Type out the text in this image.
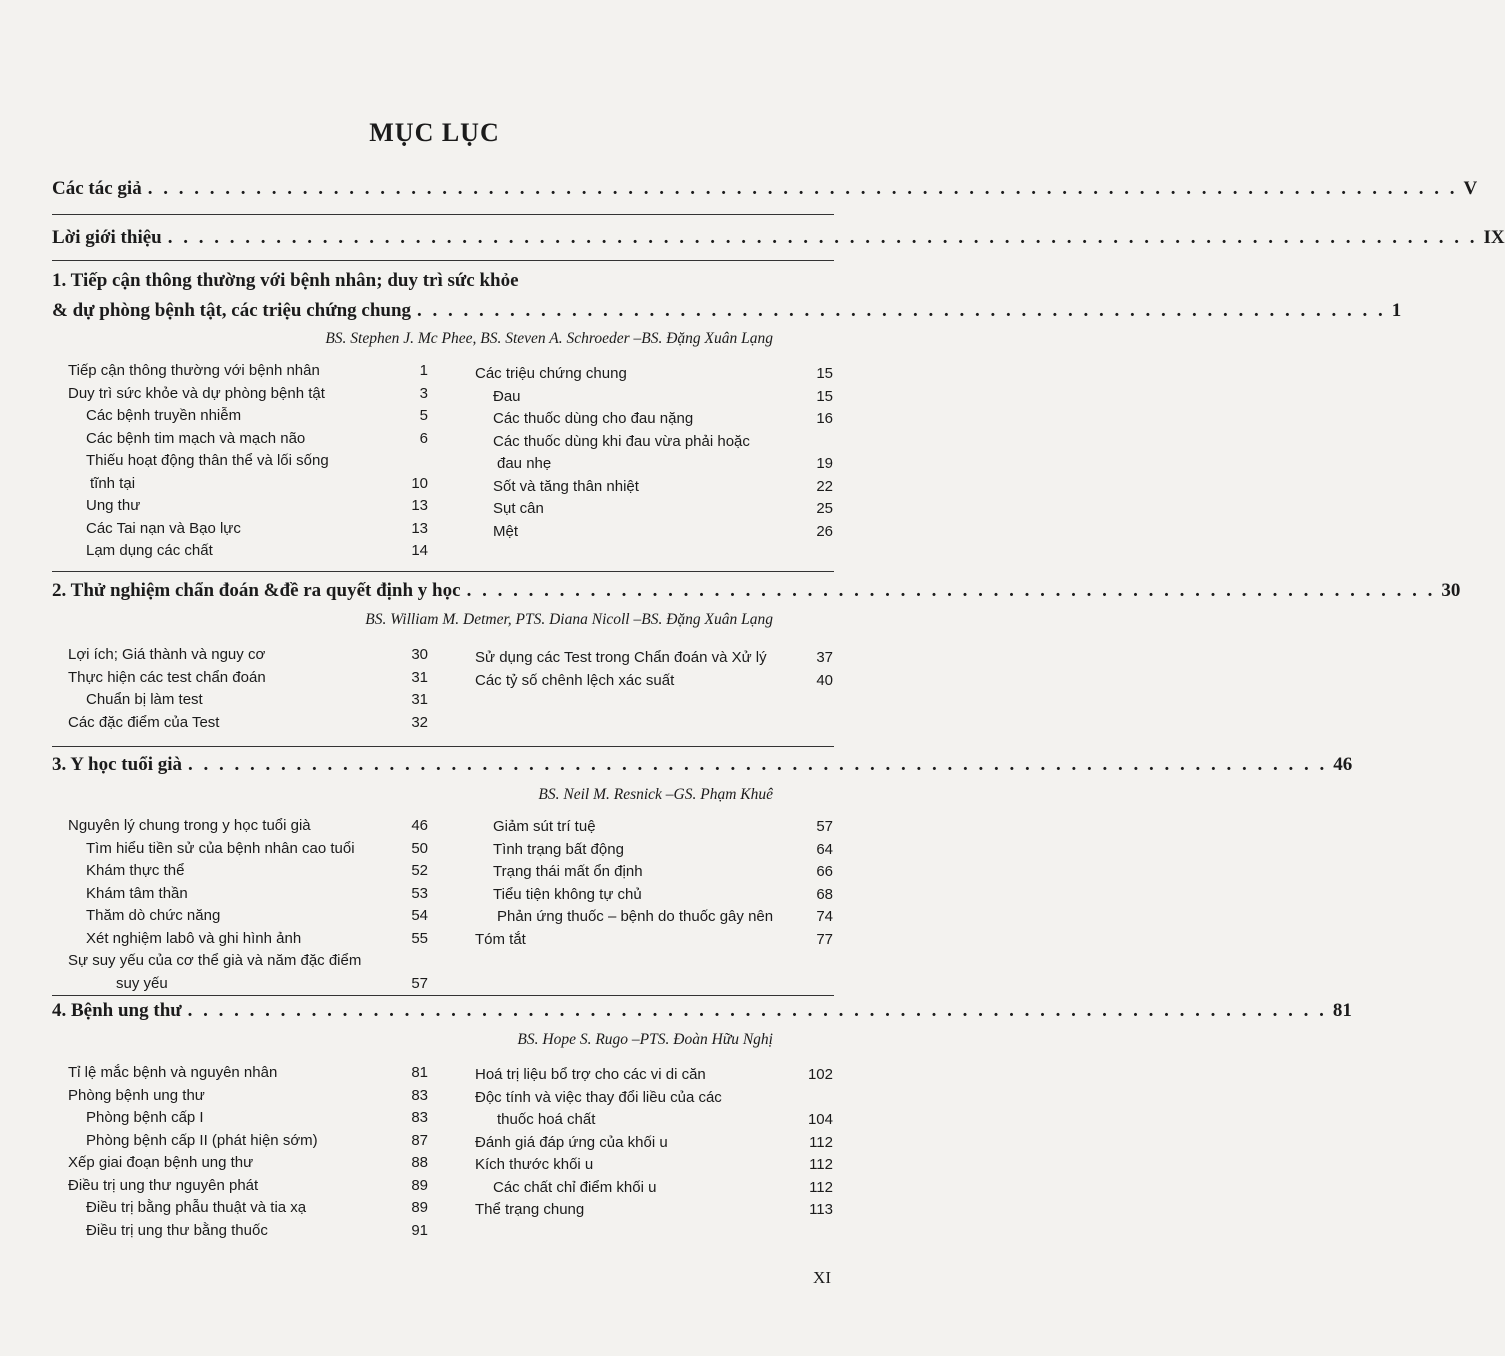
MỤC LỤC
Các tác giả . . . . . . . . . . . . . . . . . . . . . . . . . . . . . . . . . . . . . . . . . . . . . . . . . . . . . . . . . . . . . . . . . . . . . . . . . . . . . . . . . . . . . V
Lời giới thiệu . . . . . . . . . . . . . . . . . . . . . . . . . . . . . . . . . . . . . . . . . . . . . . . . . . . . . . . . . . . . . . . . . . . . . . . . . . . . . . . . . . . . . IX
1. Tiếp cận thông thường với bệnh nhân; duy trì sức khỏe
& dự phòng bệnh tật, các triệu chứng chung . . . . . . . . . . . . . . . . . . . . . . . . . . . . . . . . . . . . . . . . . . . . . . . . . . . . . . . . . . . . . . . 1
BS. Stephen J. Mc Phee, BS. Steven A. Schroeder –BS. Đặng Xuân Lạng
Tiếp cận thông thường với bệnh nhân	1
Duy trì sức khỏe và dự phòng bệnh tật	3
Các bệnh truyền nhiễm	5
Các bệnh tim mạch và mạch não	6
Thiếu hoạt động thân thể và lối sống
tĩnh tại	10
Ung thư	13
Các Tai nạn và Bạo lực	13
Lạm dụng các chất	14
Các triệu chứng chung	15
Đau	15
Các thuốc dùng cho đau nặng	16
Các thuốc dùng khi đau vừa phải hoặc
đau nhẹ	19
Sốt và tăng thân nhiệt	22
Sụt cân	25
Mệt	26
2. Thử nghiệm chẩn đoán &đề ra quyết định y học . . . . . . . . . . . . . . . . . . . . . . . . . . . . . . . . . . . . . . . . . . . . . . . . . . . . . . . . . . . . . . . 30
BS. William M. Detmer, PTS. Diana Nicoll –BS. Đặng Xuân Lạng
Lợi ích; Giá thành và nguy cơ	30
Thực hiện các test chẩn đoán	31
Chuẩn bị làm test	31
Các đặc điểm của Test	32
Sử dụng các Test trong Chẩn đoán và Xử lý	37
Các tỷ số chênh lệch xác suất	40
3. Y học tuổi già . . . . . . . . . . . . . . . . . . . . . . . . . . . . . . . . . . . . . . . . . . . . . . . . . . . . . . . . . . . . . . . . . . . . . . . . . . 46
BS. Neil M. Resnick –GS. Phạm Khuê
Nguyên lý chung trong y học tuổi già	46
Tìm hiểu tiền sử của bệnh nhân cao tuổi	50
Khám thực thể	52
Khám tâm thần	53
Thăm dò chức năng	54
Xét nghiệm labô và ghi hình ảnh	55
Sự suy yếu của cơ thể già và năm đặc điểm
suy yếu	57
Giảm sút trí tuệ	57
Tình trạng bất động	64
Trạng thái mất ổn định	66
Tiểu tiện không tự chủ	68
Phản ứng thuốc – bệnh do thuốc gây nên	74
Tóm tắt	77
4. Bệnh ung thư . . . . . . . . . . . . . . . . . . . . . . . . . . . . . . . . . . . . . . . . . . . . . . . . . . . . . . . . . . . . . . . . . . . . . . . . . . 81
BS. Hope S. Rugo –PTS. Đoàn Hữu Nghị
Tỉ lệ mắc bệnh và nguyên nhân	81
Phòng bệnh ung thư	83
Phòng bệnh cấp I	83
Phòng bệnh cấp II (phát hiện sớm)	87
Xếp giai đoạn bệnh ung thư	88
Điều trị ung thư nguyên phát	89
Điều trị bằng phẫu thuật và tia xạ	89
Điều trị ung thư bằng thuốc	91
Hoá trị liệu bổ trợ cho các vi di căn	102
Độc tính và việc thay đổi liều của các
thuốc hoá chất	104
Đánh giá đáp ứng của khối u	112
Kích thước khối u	112
Các chất chỉ điểm khối u	112
Thể trạng chung	113
XI
